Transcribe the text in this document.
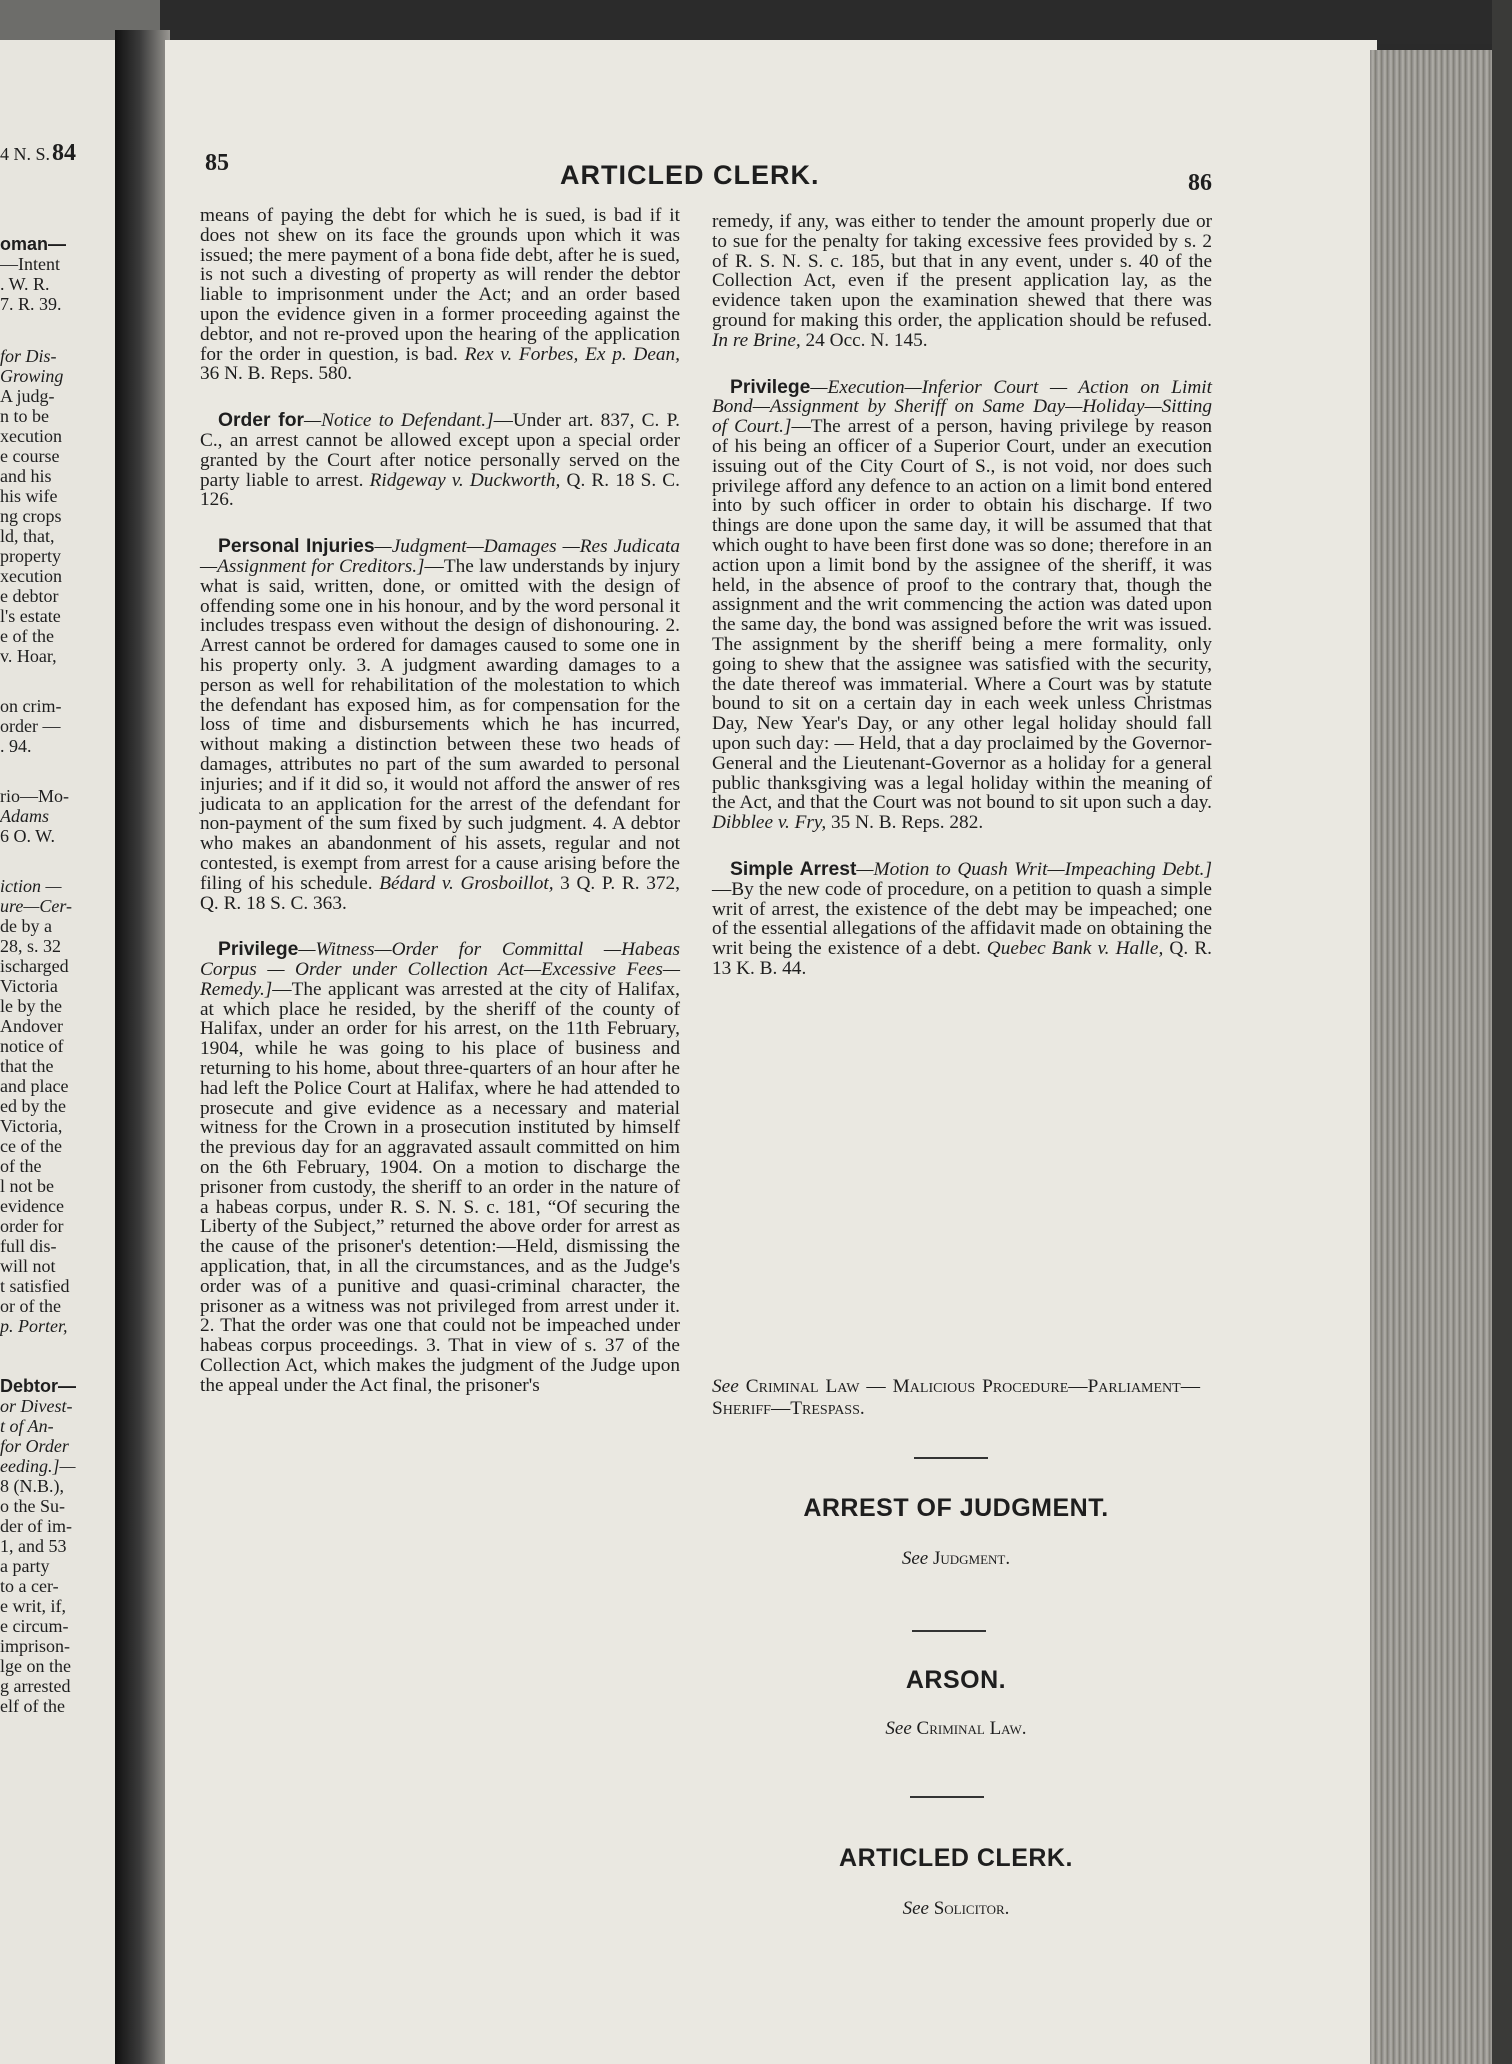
84
4 N. S.
oman—
—Intent
. W. R.
7. R. 39.
for Dis-
Growing
A judg-
n to be
xecution
e course
and his
his wife
ng crops
ld, that,
property
xecution
e debtor
l's estate
e of the
v. Hoar,
on crim-
order —
. 94.
rio—Mo-
Adams
6 O. W.
iction —
ure—Cer-
de by a
28, s. 32
ischarged
Victoria
le by the
Andover
notice of
that the
and place
ed by the
Victoria,
ce of the
of the
l not be
evidence
order for
full dis-
will not
t satisfied
or of the
p. Porter,
Debtor—
or Divest-
t of An-
for Order
eeding.]—
8 (N.B.),
o the Su-
der of im-
1, and 53
a party
to a cer-
e writ, if,
e circum-
imprison-
lge on the
g arrested
elf of the
85	ARTICLED CLERK.	86

means of paying the debt for which he is sued, is bad if it does not shew on its face the grounds upon which it was issued; the mere payment of a bona fide debt, after he is sued, is not such a divesting of property as will render the debtor liable to imprisonment under the Act; and an order based upon the evidence given in a former proceeding against the debtor, and not re-proved upon the hearing of the application for the order in question, is bad. Rex v. Forbes, Ex p. Dean, 36 N. B. Reps. 580.

Order for—Notice to Defendant.]—Under art. 837, C. P. C., an arrest cannot be allowed except upon a special order granted by the Court after notice personally served on the party liable to arrest. Ridgeway v. Duckworth, Q. R. 18 S. C. 126.

Personal Injuries—Judgment—Damages —Res Judicata—Assignment for Creditors.]—The law understands by injury what is said, written, done, or omitted with the design of offending some one in his honour, and by the word personal it includes trespass even without the design of dishonouring. 2. Arrest cannot be ordered for damages caused to some one in his property only. 3. A judgment awarding damages to a person as well for rehabilitation of the molestation to which the defendant has exposed him, as for compensation for the loss of time and disbursements which he has incurred, without making a distinction between these two heads of damages, attributes no part of the sum awarded to personal injuries; and if it did so, it would not afford the answer of res judicata to an application for the arrest of the defendant for non-payment of the sum fixed by such judgment. 4. A debtor who makes an abandonment of his assets, regular and not contested, is exempt from arrest for a cause arising before the filing of his schedule. Bédard v. Grosboillot, 3 Q. P. R. 372, Q. R. 18 S. C. 363.

Privilege—Witness—Order for Committal —Habeas Corpus — Order under Collection Act—Excessive Fees—Remedy.]—The applicant was arrested at the city of Halifax, at which place he resided, by the sheriff of the county of Halifax, under an order for his arrest, on the 11th February, 1904, while he was going to his place of business and returning to his home, about three-quarters of an hour after he had left the Police Court at Halifax, where he had attended to prosecute and give evidence as a necessary and material witness for the Crown in a prosecution instituted by himself the previous day for an aggravated assault committed on him on the 6th February, 1904. On a motion to discharge the prisoner from custody, the sheriff to an order in the nature of a habeas corpus, under R. S. N. S. c. 181, “Of securing the Liberty of the Subject,” returned the above order for arrest as the cause of the prisoner's detention:—Held, dismissing the application, that, in all the circumstances, and as the Judge's order was of a punitive and quasi-criminal character, the prisoner as a witness was not privileged from arrest under it. 2. That the order was one that could not be impeached under habeas corpus proceedings. 3. That in view of s. 37 of the Collection Act, which makes the judgment of the Judge upon the appeal under the Act final, the prisoner's

remedy, if any, was either to tender the amount properly due or to sue for the penalty for taking excessive fees provided by s. 2 of R. S. N. S. c. 185, but that in any event, under s. 40 of the Collection Act, even if the present application lay, as the evidence taken upon the examination shewed that there was ground for making this order, the application should be refused. In re Brine, 24 Occ. N. 145.

Privilege—Execution—Inferior Court — Action on Limit Bond—Assignment by Sheriff on Same Day—Holiday—Sitting of Court.]—The arrest of a person, having privilege by reason of his being an officer of a Superior Court, under an execution issuing out of the City Court of S., is not void, nor does such privilege afford any defence to an action on a limit bond entered into by such officer in order to obtain his discharge. If two things are done upon the same day, it will be assumed that that which ought to have been first done was so done; therefore in an action upon a limit bond by the assignee of the sheriff, it was held, in the absence of proof to the contrary that, though the assignment and the writ commencing the action was dated upon the same day, the bond was assigned before the writ was issued. The assignment by the sheriff being a mere formality, only going to shew that the assignee was satisfied with the security, the date thereof was immaterial. Where a Court was by statute bound to sit on a certain day in each week unless Christmas Day, New Year's Day, or any other legal holiday should fall upon such day: — Held, that a day proclaimed by the Governor-General and the Lieutenant-Governor as a holiday for a general public thanksgiving was a legal holiday within the meaning of the Act, and that the Court was not bound to sit upon such a day. Dibblee v. Fry, 35 N. B. Reps. 282.

Simple Arrest—Motion to Quash Writ—Impeaching Debt.]—By the new code of procedure, on a petition to quash a simple writ of arrest, the existence of the debt may be impeached; one of the essential allegations of the affidavit made on obtaining the writ being the existence of a debt. Quebec Bank v. Halle, Q. R. 13 K. B. 44.

See Criminal Law — Malicious Procedure—Parliament—Sheriff—Trespass.
ARREST OF JUDGMENT.
See Judgment.
ARSON.
See Criminal Law.
ARTICLED CLERK.
See Solicitor.
